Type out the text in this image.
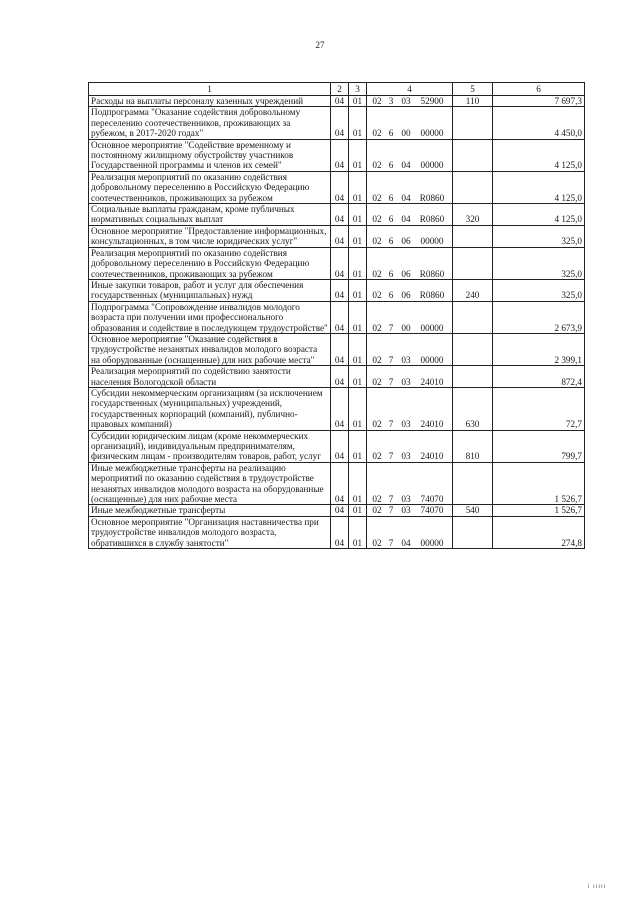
27
1	2	3	4	5	6
Расходы на выплаты персоналу казенных учреждений	04	01	02 3 03 52900	110	7 697,3
Подпрограмма "Оказание содействия добровольному переселению соотечественников, проживающих за рубежом, в 2017-2020 годах"	04	01	02 6 00 00000		4 450,0
Основное мероприятие "Содействие временному и постоянному жилищному обустройству участников Государственной программы и членов их семей"	04	01	02 6 04 00000		4 125,0
Реализация мероприятий по оказанию содействия добровольному переселению в Российскую Федерацию соотечественников, проживающих за рубежом	04	01	02 6 04 R0860		4 125,0
Социальные выплаты гражданам, кроме публичных нормативных социальных выплат	04	01	02 6 04 R0860	320	4 125,0
Основное мероприятие "Предоставление информационных, консультационных, в том числе юридических услуг"	04	01	02 6 06 00000		325,0
Реализация мероприятий по оказанию содействия добровольному переселению в Российскую Федерацию соотечественников, проживающих за рубежом	04	01	02 6 06 R0860		325,0
Иные закупки товаров, работ и услуг для обеспечения государственных (муниципальных) нужд	04	01	02 6 06 R0860	240	325,0
Подпрограмма "Сопровождение инвалидов молодого возраста при получении ими профессионального образования и содействие в последующем трудоустройстве"	04	01	02 7 00 00000		2 673,9
Основное мероприятие "Оказание содействия в трудоустройстве незанятых инвалидов молодого возраста на оборудованные (оснащенные) для них рабочие места"	04	01	02 7 03 00000		2 399,1
Реализация мероприятий по содействию занятости населения Вологодской области	04	01	02 7 03 24010		872,4
Субсидии некоммерческим организациям (за исключением государственных (муниципальных) учреждений, государственных корпораций (компаний), публично-правовых компаний)	04	01	02 7 03 24010	630	72,7
Субсидии юридическим лицам (кроме некоммерческих организаций), индивидуальным предпринимателям, физическим лицам - производителям товаров, работ, услуг	04	01	02 7 03 24010	810	799,7
Иные межбюджетные трансферты на реализацию мероприятий по оказанию содействия в трудоустройстве незанятых инвалидов молодого возраста на оборудованные (оснащенные) для них рабочие места	04	01	02 7 03 74070		1 526,7
Иные межбюджетные трансферты	04	01	02 7 03 74070	540	1 526,7
Основное мероприятие "Организация наставничества при трудоустройстве инвалидов молодого возраста, обратившихся в службу занятости"	04	01	02 7 04 00000		274,8
i ııııı
